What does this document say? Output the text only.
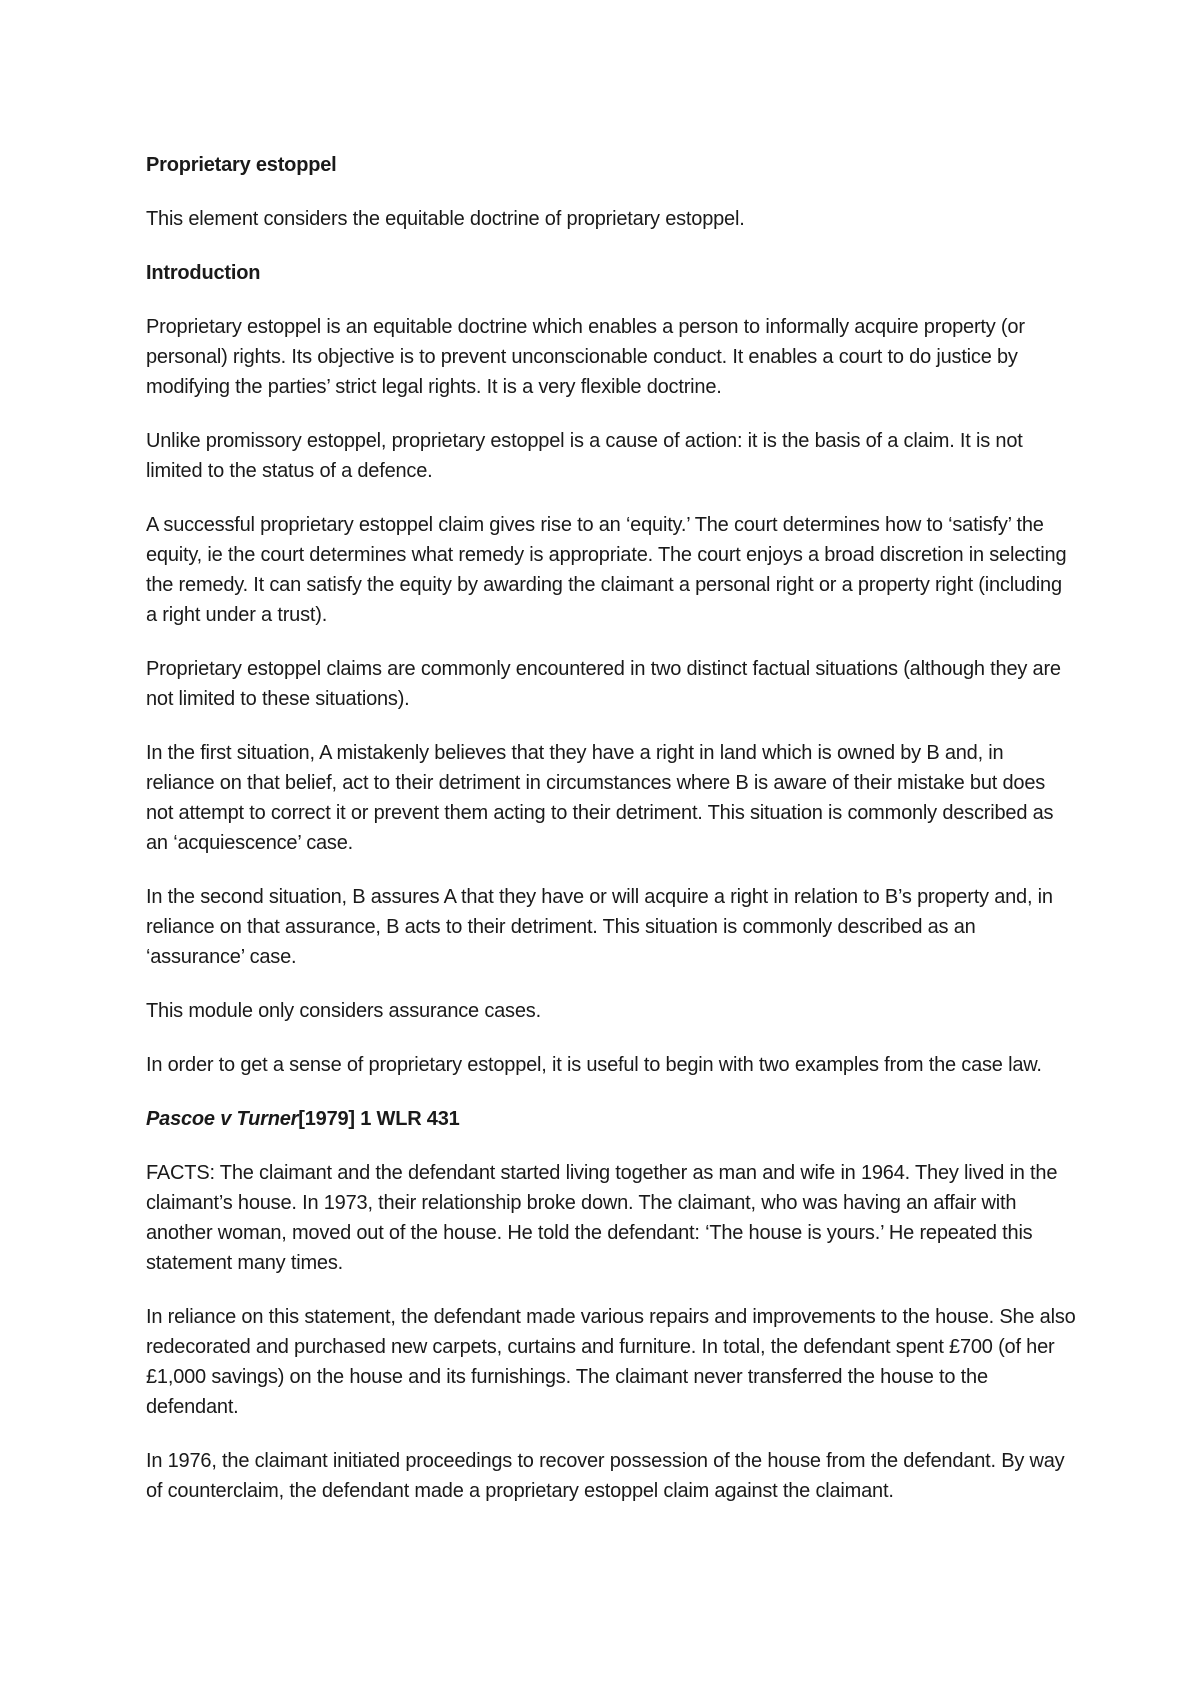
Proprietary estoppel

This element considers the equitable doctrine of proprietary estoppel.

Introduction

Proprietary estoppel is an equitable doctrine which enables a person to informally acquire property (or personal) rights. Its objective is to prevent unconscionable conduct. It enables a court to do justice by modifying the parties’ strict legal rights. It is a very flexible doctrine.

Unlike promissory estoppel, proprietary estoppel is a cause of action: it is the basis of a claim. It is not limited to the status of a defence.

A successful proprietary estoppel claim gives rise to an ‘equity.’ The court determines how to ‘satisfy’ the equity, ie the court determines what remedy is appropriate. The court enjoys a broad discretion in selecting the remedy. It can satisfy the equity by awarding the claimant a personal right or a property right (including a right under a trust).

Proprietary estoppel claims are commonly encountered in two distinct factual situations (although they are not limited to these situations).

In the first situation, A mistakenly believes that they have a right in land which is owned by B and, in reliance on that belief, act to their detriment in circumstances where B is aware of their mistake but does not attempt to correct it or prevent them acting to their detriment. This situation is commonly described as an ‘acquiescence’ case.

In the second situation, B assures A that they have or will acquire a right in relation to B’s property and, in reliance on that assurance, B acts to their detriment. This situation is commonly described as an ‘assurance’ case.

This module only considers assurance cases.

In order to get a sense of proprietary estoppel, it is useful to begin with two examples from the case law.

Pascoe v Turner[1979] 1 WLR 431

FACTS: The claimant and the defendant started living together as man and wife in 1964. They lived in the claimant’s house. In 1973, their relationship broke down. The claimant, who was having an affair with another woman, moved out of the house. He told the defendant: ‘The house is yours.’ He repeated this statement many times.

In reliance on this statement, the defendant made various repairs and improvements to the house. She also redecorated and purchased new carpets, curtains and furniture. In total, the defendant spent £700 (of her £1,000 savings) on the house and its furnishings. The claimant never transferred the house to the defendant.

In 1976, the claimant initiated proceedings to recover possession of the house from the defendant. By way of counterclaim, the defendant made a proprietary estoppel claim against the claimant.
